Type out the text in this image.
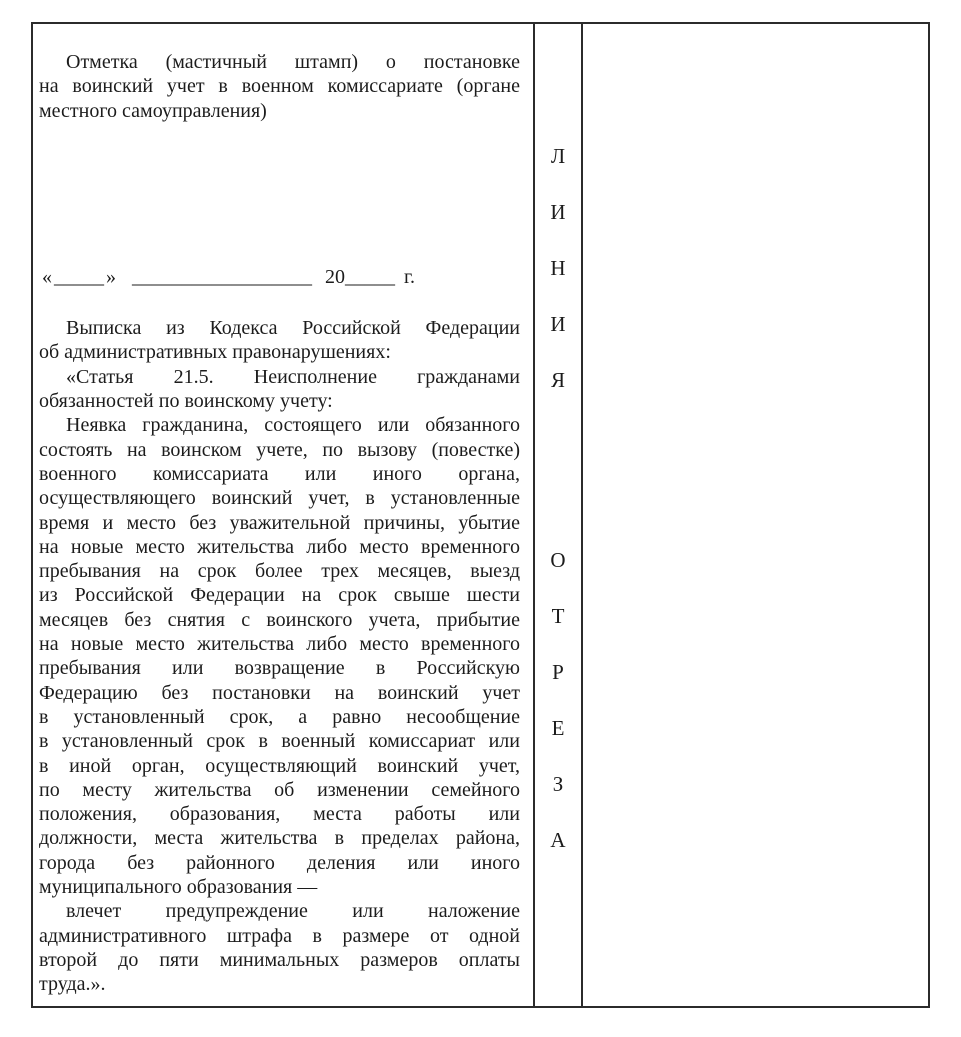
Отметка (мастичный штамп) о постановке
на воинский учет в военном комиссариате (органе
местного самоуправления)
« _____ » __________________ 20_____ г.
Выписка из Кодекса Российской Федерации
об административных правонарушениях:
«Статья 21.5. Неисполнение гражданами
обязанностей по воинскому учету:
Неявка гражданина, состоящего или обязанного
состоять на воинском учете, по вызову (повестке)
военного комиссариата или иного органа,
осуществляющего воинский учет, в установленные
время и место без уважительной причины, убытие
на новые место жительства либо место временного
пребывания на срок более трех месяцев, выезд
из Российской Федерации на срок свыше шести
месяцев без снятия с воинского учета, прибытие
на новые место жительства либо место временного
пребывания или возвращение в Российскую
Федерацию без постановки на воинский учет
в установленный срок, а равно несообщение
в установленный срок в военный комиссариат или
в иной орган, осуществляющий воинский учет,
по месту жительства об изменении семейного
положения, образования, места работы или
должности, места жительства в пределах района,
города без районного деления или иного
муниципального образования —
влечет предупреждение или наложение
административного штрафа в размере от одной
второй до пяти минимальных размеров оплаты
труда.».
Л
И
Н
И
Я
О
Т
Р
Е
З
А
